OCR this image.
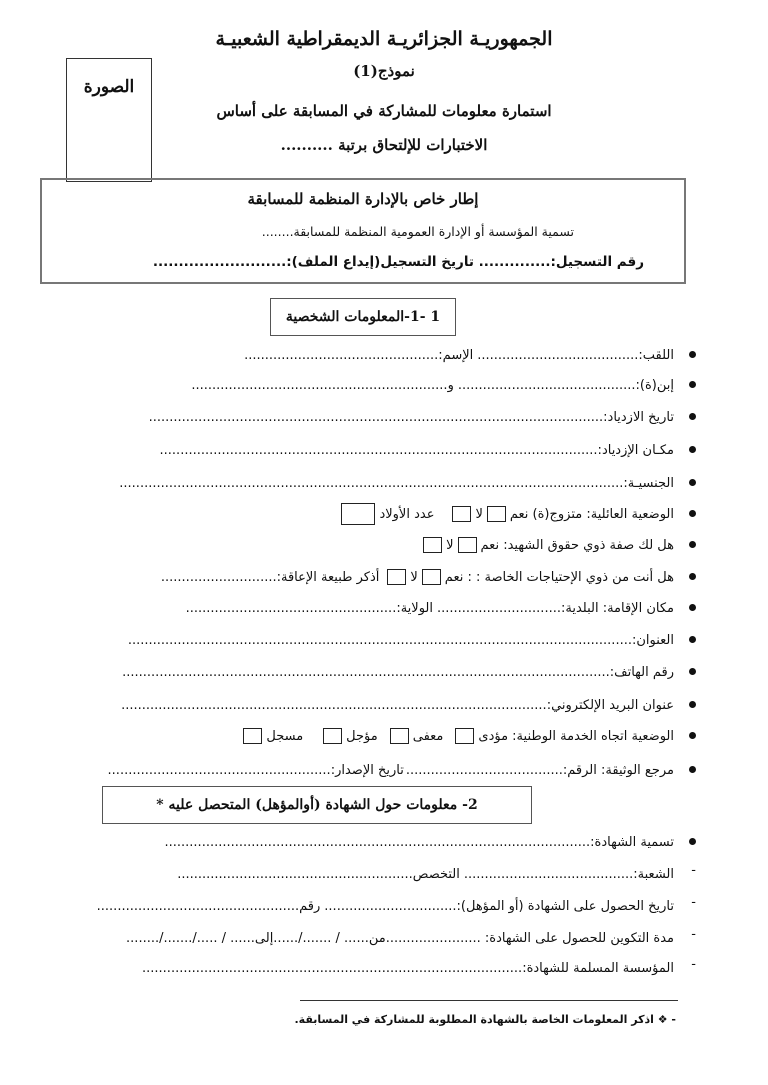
الجمهوريـة الجزائريـة الديمقراطية الشعبيـة
نموذج(1)
استمارة معلومات للمشاركة في المسابقة على أساس
الاختبارات للإلتحاق برتبة ..........
الصورة
إطار خاص بالإدارة المنظمة للمسابقة
تسمية المؤسسة أو الإدارة العمومية المنظمة للمسابقة........
رقم التسجيل:.............. تاريخ التسجيل(إيداع الملف):..........................
1 -1-المعلومات الشخصية
اللقب:.......................................
الإسم:...............................................
إبن(ة):...........................................
و..............................................................
تاريخ الازدياد:..............................................................................................................
مكـان الإزدياد:..........................................................................................................
الجنسيـة:..........................................................................................................................
الوضعية العائلية: متزوج(ة) نعم
لا
عدد الأولاد
هل لك صفة ذوي حقوق الشهيد: نعم
لا
هل أنت من ذوي الإحتياجات الخاصة : : نعم
لا
أذكر طبيعة الإعاقة:............................
مكان الإقامة: البلدية:..............................
الولاية:...................................................
العنوان:..........................................................................................................................
رقم الهاتف:......................................................................................................................
عنوان البريد الإلكتروني:.......................................................................................................
الوضعية اتجاه الخدمة الوطنية: مؤدى
معفى
مؤجل
مسجل
مرجع الوثيقة: الرقم:......................................
تاريخ الإصدار:......................................................
2- معلومات حول الشهادة (أوالمؤهل) المتحصل عليه *
تسمية الشهادة:.......................................................................................................
-
الشعبة:.........................................
التخصص.........................................................
-
تاريخ الحصول على الشهادة (أو المؤهل):................................
رقم.................................................
-
مدة التكوين للحصول على الشهادة: .......................من...... / ......./......إلى...... / ...../......./........
-
المؤسسة المسلمة للشهادة:............................................................................................
- ❖ اذكر المعلومات الخاصة بالشهادة المطلوبة للمشاركة في المسابقة.
